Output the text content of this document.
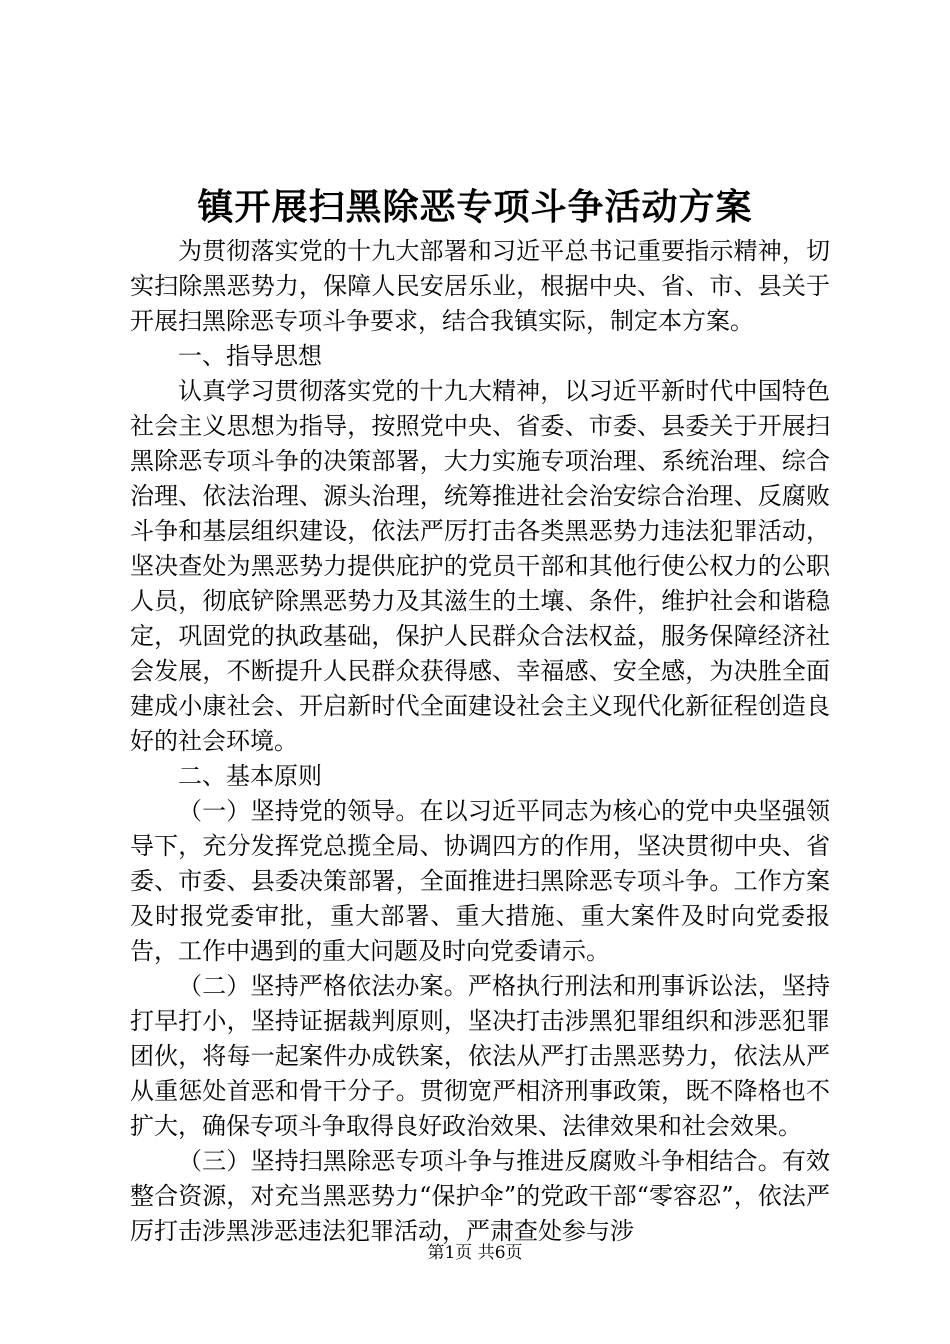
镇开展扫黑除恶专项斗争活动方案

为贯彻落实党的十九大部署和习近平总书记重要指示精神，切实扫除黑恶势力，保障人民安居乐业，根据中央、省、市、县关于开展扫黑除恶专项斗争要求，结合我镇实际，制定本方案。

一、指导思想

认真学习贯彻落实党的十九大精神，以习近平新时代中国特色社会主义思想为指导，按照党中央、省委、市委、县委关于开展扫黑除恶专项斗争的决策部署，大力实施专项治理、系统治理、综合治理、依法治理、源头治理，统筹推进社会治安综合治理、反腐败斗争和基层组织建设，依法严厉打击各类黑恶势力违法犯罪活动，坚决查处为黑恶势力提供庇护的党员干部和其他行使公权力的公职人员，彻底铲除黑恶势力及其滋生的土壤、条件，维护社会和谐稳定，巩固党的执政基础，保护人民群众合法权益，服务保障经济社会发展，不断提升人民群众获得感、幸福感、安全感，为决胜全面建成小康社会、开启新时代全面建设社会主义现代化新征程创造良好的社会环境。

二、基本原则

（一）坚持党的领导。在以习近平同志为核心的党中央坚强领导下，充分发挥党总揽全局、协调四方的作用，坚决贯彻中央、省委、市委、县委决策部署，全面推进扫黑除恶专项斗争。工作方案及时报党委审批，重大部署、重大措施、重大案件及时向党委报告，工作中遇到的重大问题及时向党委请示。

（二）坚持严格依法办案。严格执行刑法和刑事诉讼法，坚持打早打小，坚持证据裁判原则，坚决打击涉黑犯罪组织和涉恶犯罪团伙，将每一起案件办成铁案，依法从严打击黑恶势力，依法从严从重惩处首恶和骨干分子。贯彻宽严相济刑事政策，既不降格也不扩大，确保专项斗争取得良好政治效果、法律效果和社会效果。

（三）坚持扫黑除恶专项斗争与推进反腐败斗争相结合。有效整合资源，对充当黑恶势力“保护伞”的党政干部“零容忍”，依法严厉打击涉黑涉恶违法犯罪活动，严肃查处参与涉

第1页 共6页
